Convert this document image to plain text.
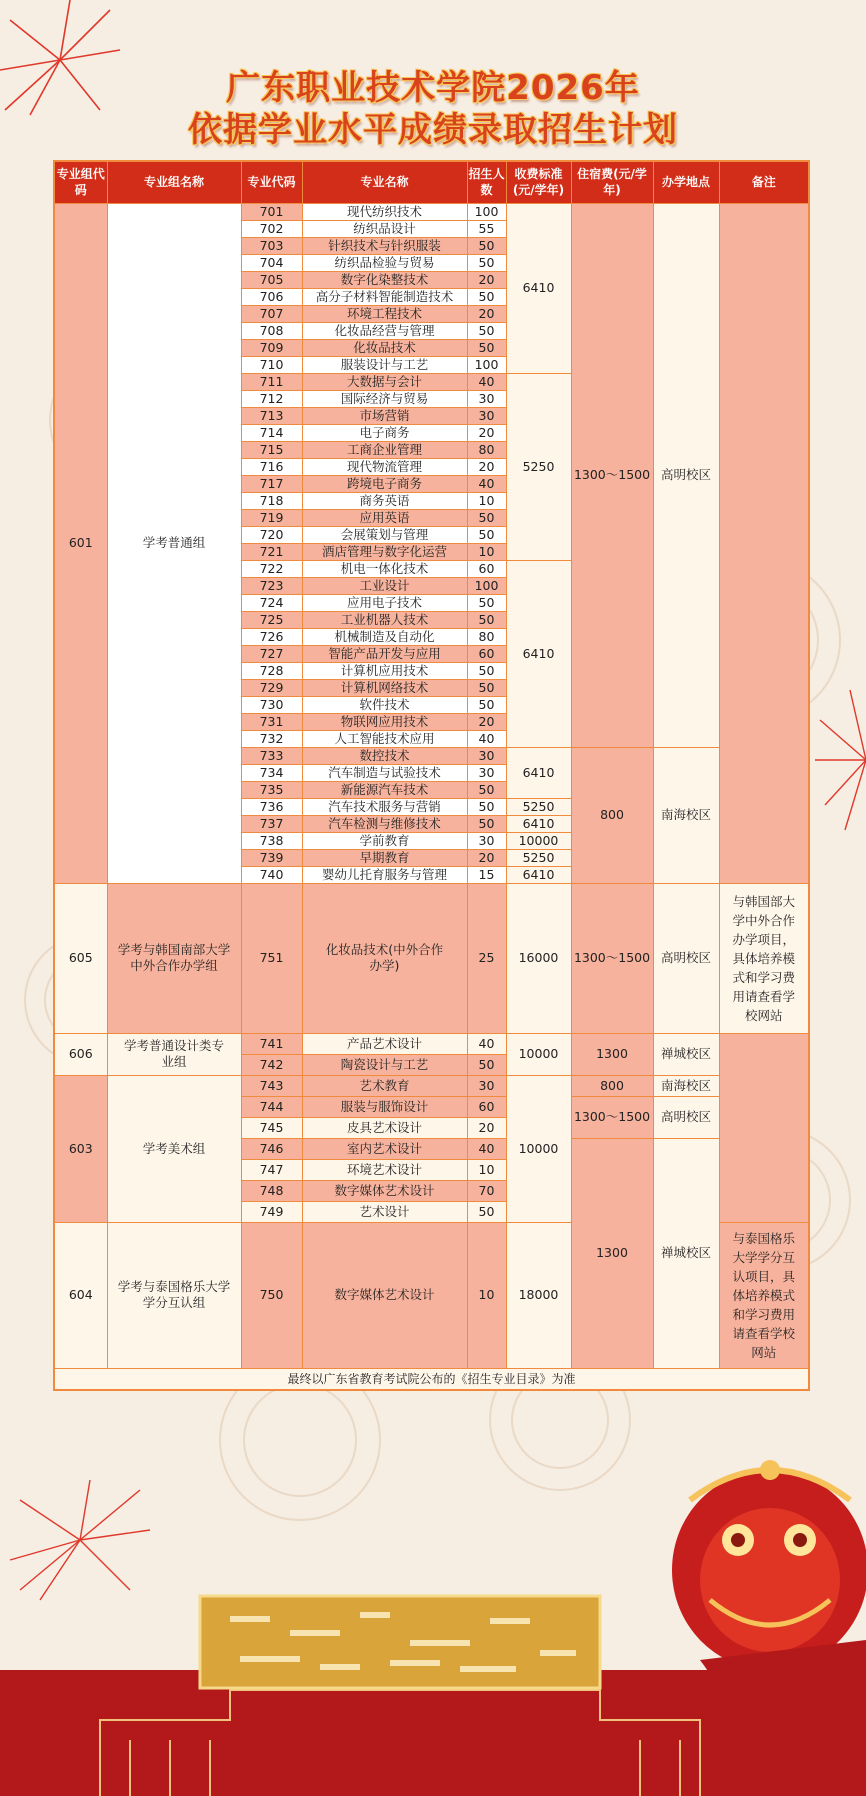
广东职业技术学院2026年
依据学业水平成绩录取招生计划
专业组代码	专业组名称	专业代码	专业名称	招生人数	收费标准(元/学年)	住宿费(元/学年)	办学地点	备注
601	学考普通组	701	现代纺织技术	100	6410	1300～1500	高明校区	
		702	纺织品设计	55				
		703	针织技术与针织服装	50				
		704	纺织品检验与贸易	50				
		705	数字化染整技术	20				
		706	高分子材料智能制造技术	50				
		707	环境工程技术	20				
		708	化妆品经营与管理	50				
		709	化妆品技术	50				
		710	服装设计与工艺	100				
		711	大数据与会计	40	5250			
		712	国际经济与贸易	30				
		713	市场营销	30				
		714	电子商务	20				
		715	工商企业管理	80				
		716	现代物流管理	20				
		717	跨境电子商务	40				
		718	商务英语	10				
		719	应用英语	50				
		720	会展策划与管理	50				
		721	酒店管理与数字化运营	10				
		722	机电一体化技术	60	6410			
		723	工业设计	100				
		724	应用电子技术	50				
		725	工业机器人技术	50				
		726	机械制造及自动化	80				
		727	智能产品开发与应用	60				
		728	计算机应用技术	50				
		729	计算机网络技术	50				
		730	软件技术	50				
		731	物联网应用技术	20				
		732	人工智能技术应用	40				
		733	数控技术	30	6410	800	南海校区	
		734	汽车制造与试验技术	30				
		735	新能源汽车技术	50				
		736	汽车技术服务与营销	50	5250			
		737	汽车检测与维修技术	50	6410			
		738	学前教育	30	10000			
		739	早期教育	20	5250			
		740	婴幼儿托育服务与管理	15	6410			
605	学考与韩国南部大学中外合作办学组	751	化妆品技术(中外合作办学)	25	16000	1300～1500	高明校区	与韩国部大学中外合作办学项目，具体培养模式和学习费用请查看学校网站
606	学考普通设计类专业组	741	产品艺术设计	40	10000	1300	禅城校区	
		742	陶瓷设计与工艺	50				
603	学考美术组	743	艺术教育	30	10000	800	南海校区	
		744	服装与服饰设计	60		1300～1500	高明校区	
		745	皮具艺术设计	20				
		746	室内艺术设计	40		1300	禅城校区	
		747	环境艺术设计	10				
		748	数字媒体艺术设计	70				
		749	艺术设计	50				
604	学考与泰国格乐大学学分互认组	750	数字媒体艺术设计	10	18000			与泰国格乐大学学分互认项目，具体培养模式和学习费用请查看学校网站
最终以广东省教育考试院公布的《招生专业目录》为准								
